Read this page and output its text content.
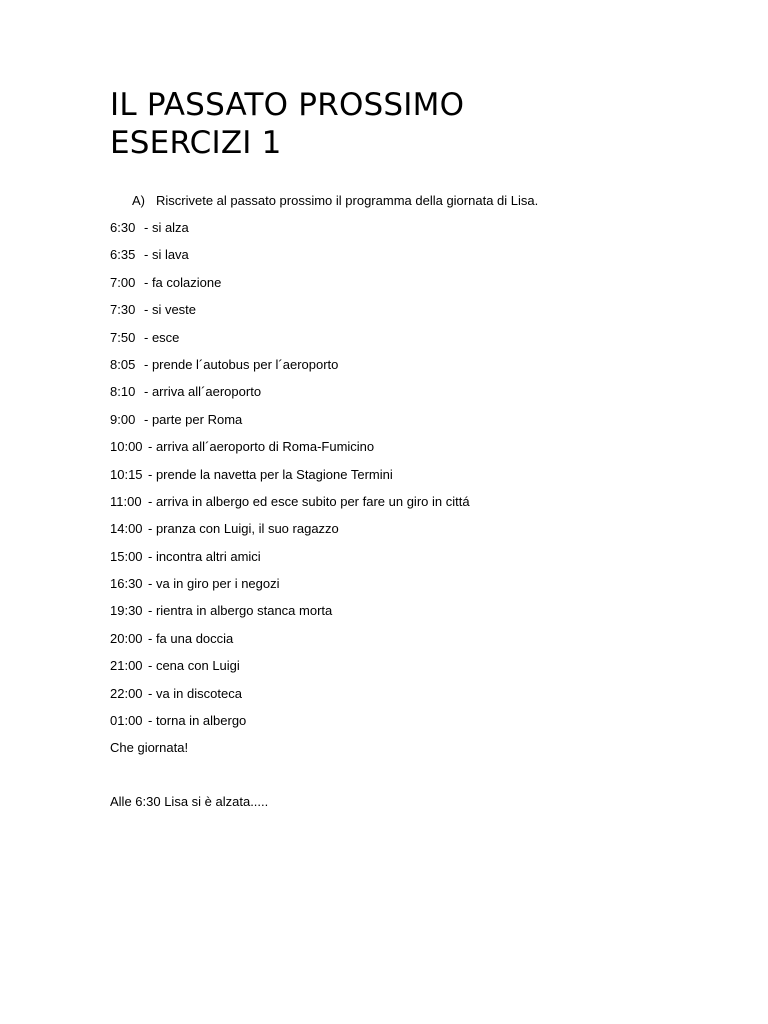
IL PASSATO PROSSIMO
ESERCIZI 1
A) Riscrivete al passato prossimo il programma della giornata di Lisa.
6:30 - si alza
6:35 - si lava
7:00 - fa colazione
7:30 - si veste
7:50 - esce
8:05 - prende l´autobus per l´aeroporto
8:10 - arriva all´aeroporto
9:00 - parte per Roma
10:00 - arriva all´aeroporto di Roma-Fumicino
10:15 - prende la navetta per la Stagione Termini
11:00 - arriva in albergo ed esce subito per fare un giro in cittá
14:00 - pranza con Luigi, il suo ragazzo
15:00 - incontra altri amici
16:30 - va in giro per i negozi
19:30 - rientra in albergo stanca morta
20:00 - fa una doccia
21:00 - cena con Luigi
22:00 - va in discoteca
01:00 - torna in albergo
Che giornata!
Alle 6:30 Lisa si è alzata.....
